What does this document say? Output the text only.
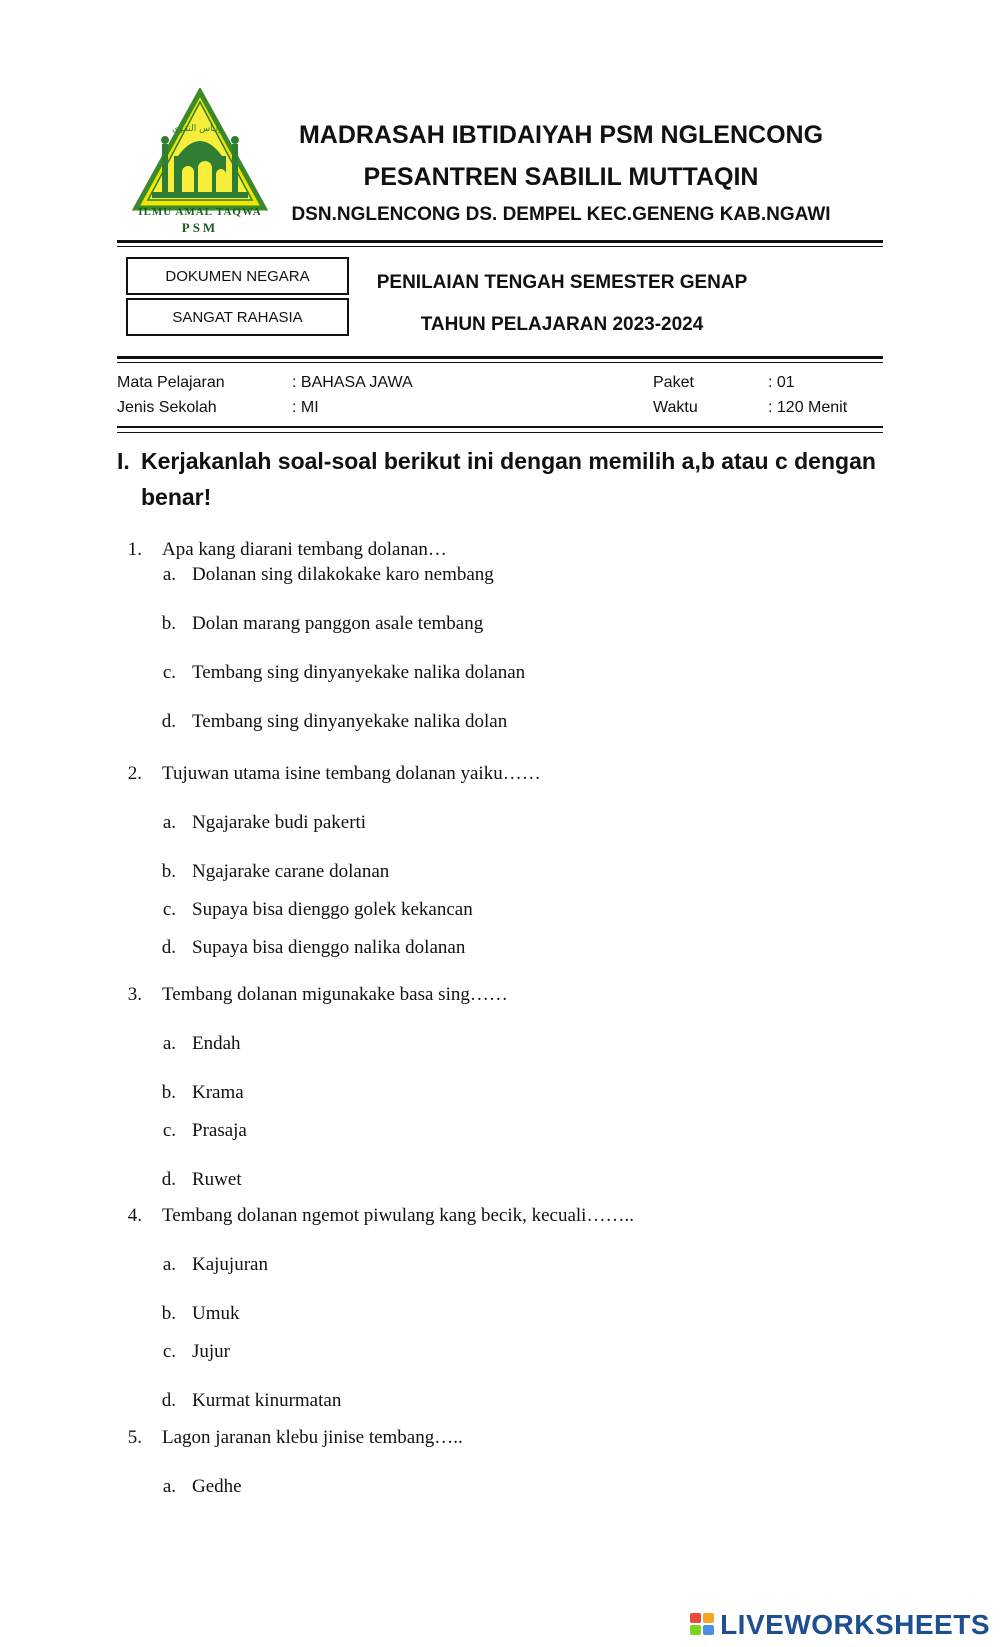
ولباس التقوى
ILMU AMAL TAQWA
PSM
MADRASAH IBTIDAIYAH PSM NGLENCONG
PESANTREN SABILIL MUTTAQIN
DSN.NGLENCONG DS. DEMPEL KEC.GENENG KAB.NGAWI
DOKUMEN NEGARA
SANGAT RAHASIA
PENILAIAN TENGAH SEMESTER GENAP
TAHUN PELAJARAN 2023-2024
Mata Pelajaran	: BAHASA JAWA	Paket	: 01
Jenis Sekolah	: MI	Waktu	: 120 Menit
I. Kerjakanlah soal-soal berikut ini dengan memilih a,b atau c dengan
benar!
1. Apa kang diarani tembang dolanan…
a. Dolanan sing dilakokake karo nembang
b. Dolan marang panggon asale tembang
c. Tembang sing dinyanyekake nalika dolanan
d. Tembang sing dinyanyekake nalika dolan
2. Tujuwan utama isine tembang dolanan yaiku……
a. Ngajarake budi pakerti
b. Ngajarake carane dolanan
c. Supaya bisa dienggo golek kekancan
d. Supaya bisa dienggo nalika dolanan
3. Tembang dolanan migunakake basa sing……
a. Endah
b. Krama
c. Prasaja
d. Ruwet
4. Tembang dolanan ngemot piwulang kang becik, kecuali……..
a. Kajujuran
b. Umuk
c. Jujur
d. Kurmat kinurmatan
5. Lagon jaranan klebu jinise tembang…..
a. Gedhe
LIVEWORKSHEETS
